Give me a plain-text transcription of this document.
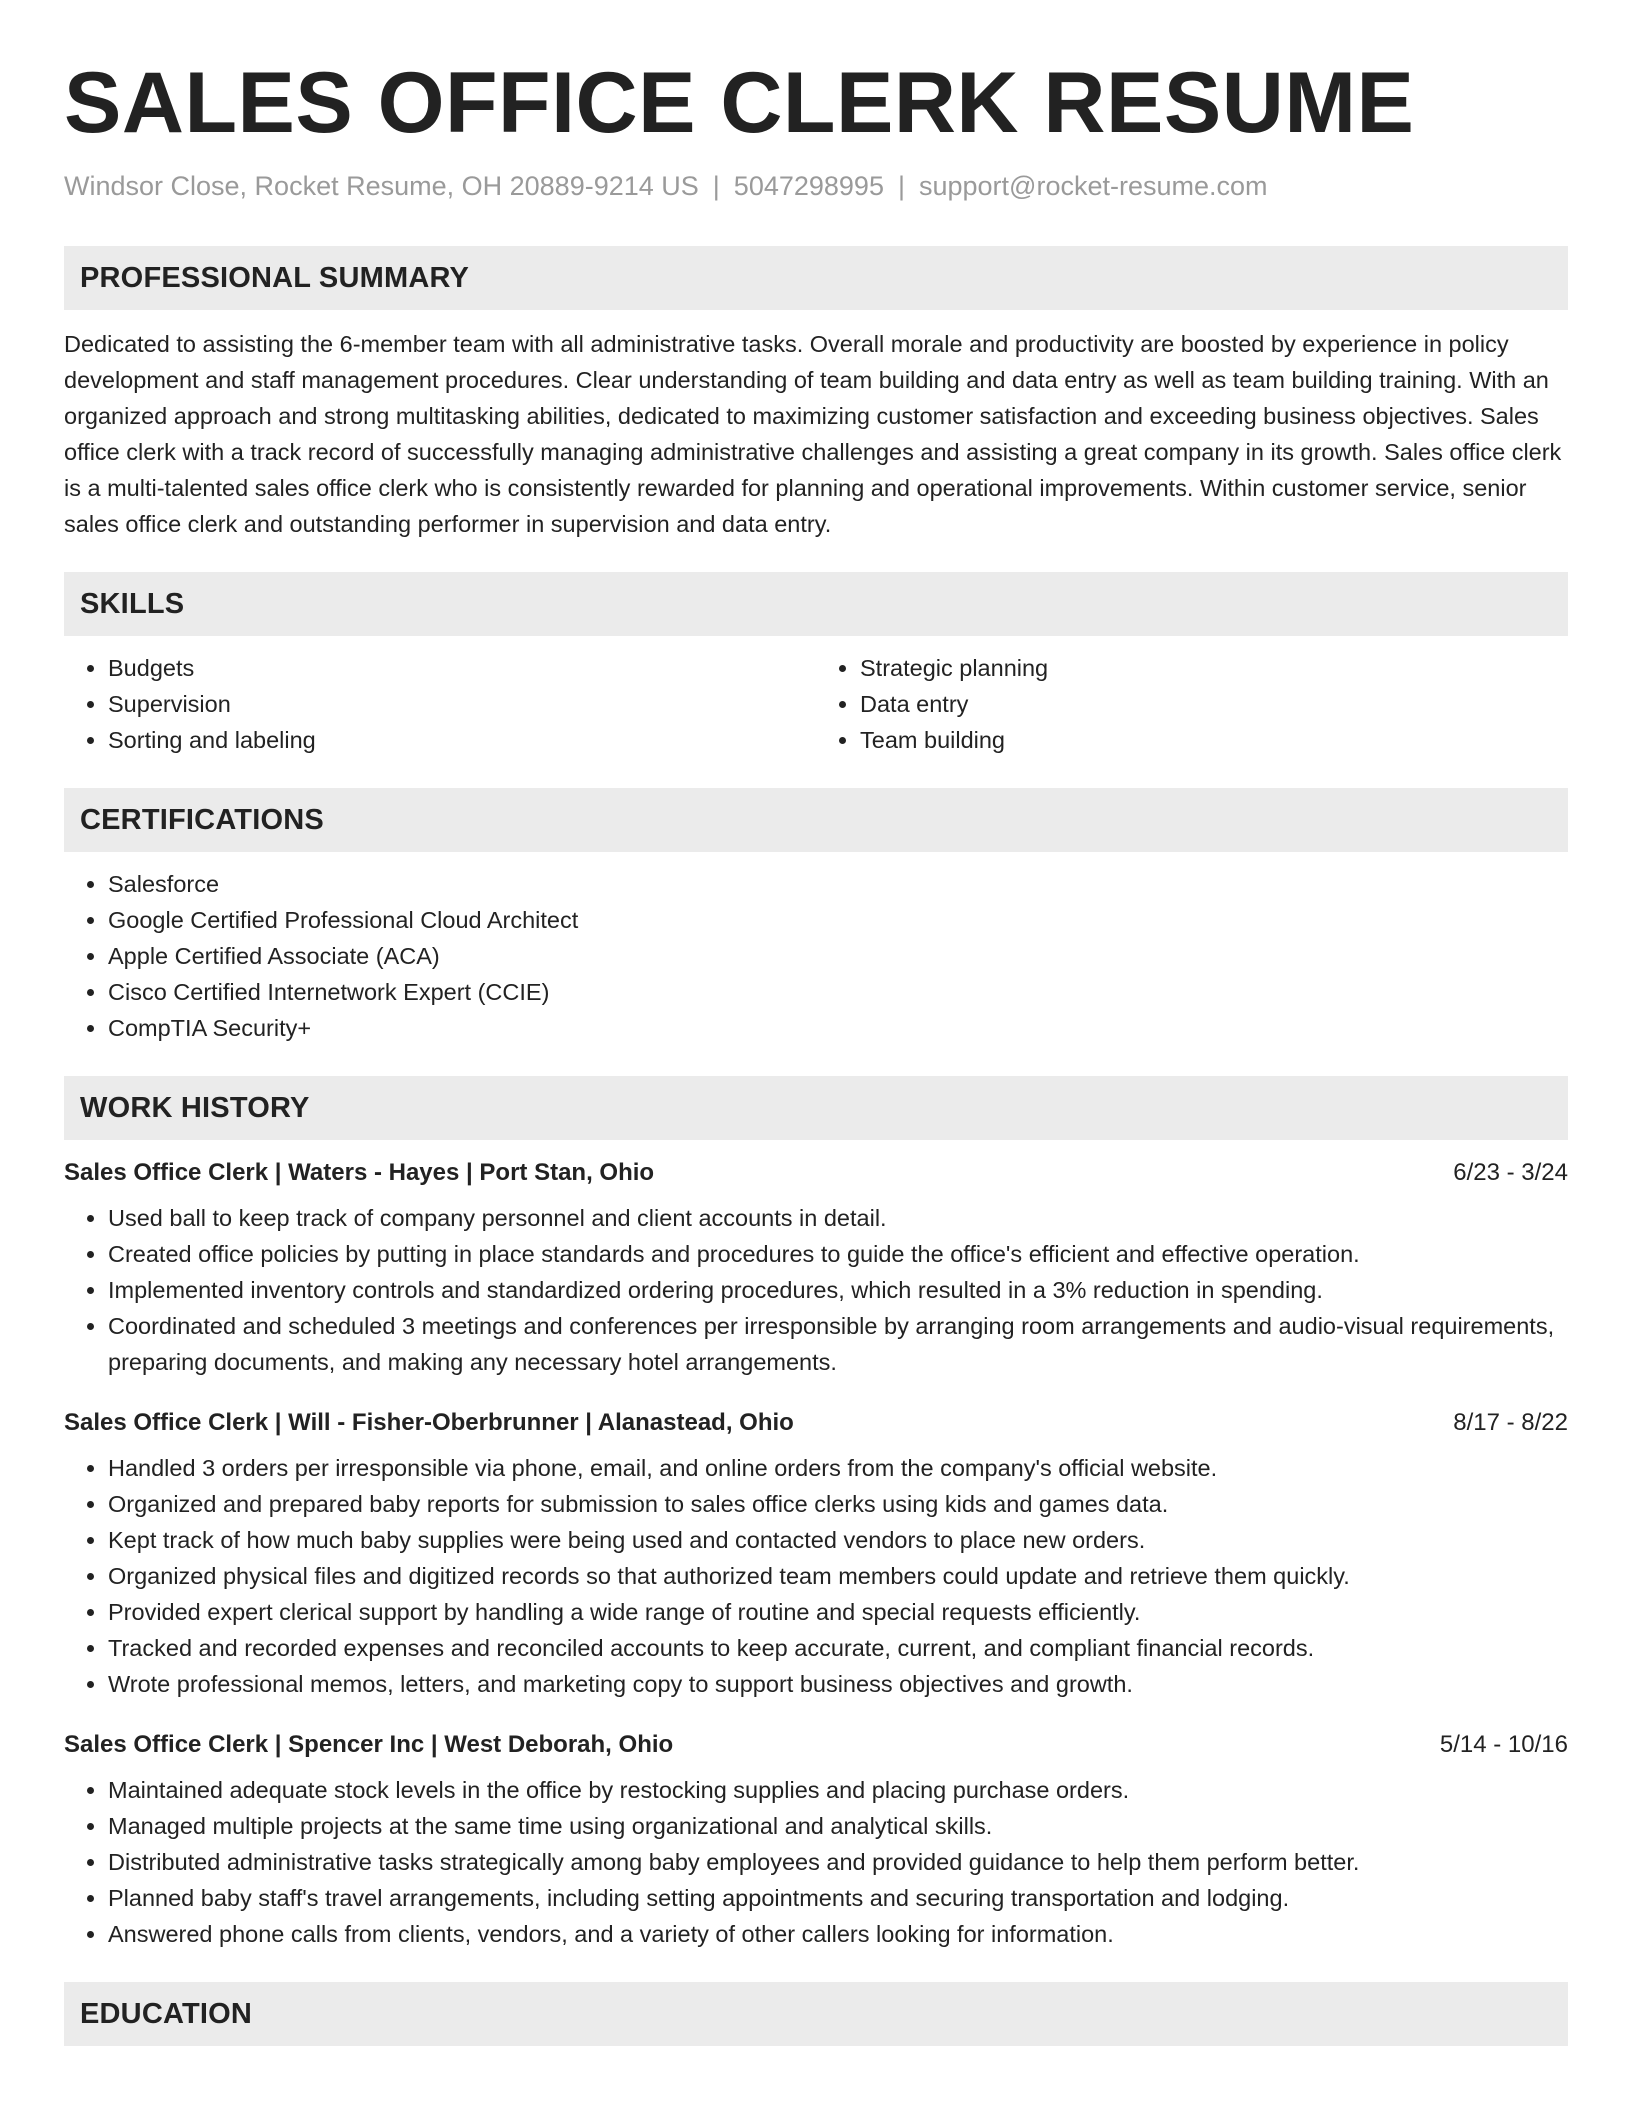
SALES OFFICE CLERK RESUME
Windsor Close, Rocket Resume, OH 20889-9214 US | 5047298995 | support@rocket-resume.com
PROFESSIONAL SUMMARY

Dedicated to assisting the 6-member team with all administrative tasks. Overall morale and productivity are boosted by experience in policy development and staff management procedures. Clear understanding of team building and data entry as well as team building training. With an organized approach and strong multitasking abilities, dedicated to maximizing customer satisfaction and exceeding business objectives. Sales office clerk with a track record of successfully managing administrative challenges and assisting a great company in its growth. Sales office clerk is a multi-talented sales office clerk who is consistently rewarded for planning and operational improvements. Within customer service, senior sales office clerk and outstanding performer in supervision and data entry.

SKILLS
• Budgets
• Supervision
• Sorting and labeling
• Strategic planning
• Data entry
• Team building
CERTIFICATIONS
• Salesforce
• Google Certified Professional Cloud Architect
• Apple Certified Associate (ACA)
• Cisco Certified Internetwork Expert (CCIE)
• CompTIA Security+
WORK HISTORY
Sales Office Clerk | Waters - Hayes | Port Stan, Ohio	6/23 - 3/24
• Used ball to keep track of company personnel and client accounts in detail.
• Created office policies by putting in place standards and procedures to guide the office's efficient and effective operation.
• Implemented inventory controls and standardized ordering procedures, which resulted in a 3% reduction in spending.
• Coordinated and scheduled 3 meetings and conferences per irresponsible by arranging room arrangements and audio-visual requirements, preparing documents, and making any necessary hotel arrangements.
Sales Office Clerk | Will - Fisher-Oberbrunner | Alanastead, Ohio	8/17 - 8/22
• Handled 3 orders per irresponsible via phone, email, and online orders from the company's official website.
• Organized and prepared baby reports for submission to sales office clerks using kids and games data.
• Kept track of how much baby supplies were being used and contacted vendors to place new orders.
• Organized physical files and digitized records so that authorized team members could update and retrieve them quickly.
• Provided expert clerical support by handling a wide range of routine and special requests efficiently.
• Tracked and recorded expenses and reconciled accounts to keep accurate, current, and compliant financial records.
• Wrote professional memos, letters, and marketing copy to support business objectives and growth.
Sales Office Clerk | Spencer Inc | West Deborah, Ohio	5/14 - 10/16
• Maintained adequate stock levels in the office by restocking supplies and placing purchase orders.
• Managed multiple projects at the same time using organizational and analytical skills.
• Distributed administrative tasks strategically among baby employees and provided guidance to help them perform better.
• Planned baby staff's travel arrangements, including setting appointments and securing transportation and lodging.
• Answered phone calls from clients, vendors, and a variety of other callers looking for information.
EDUCATION
